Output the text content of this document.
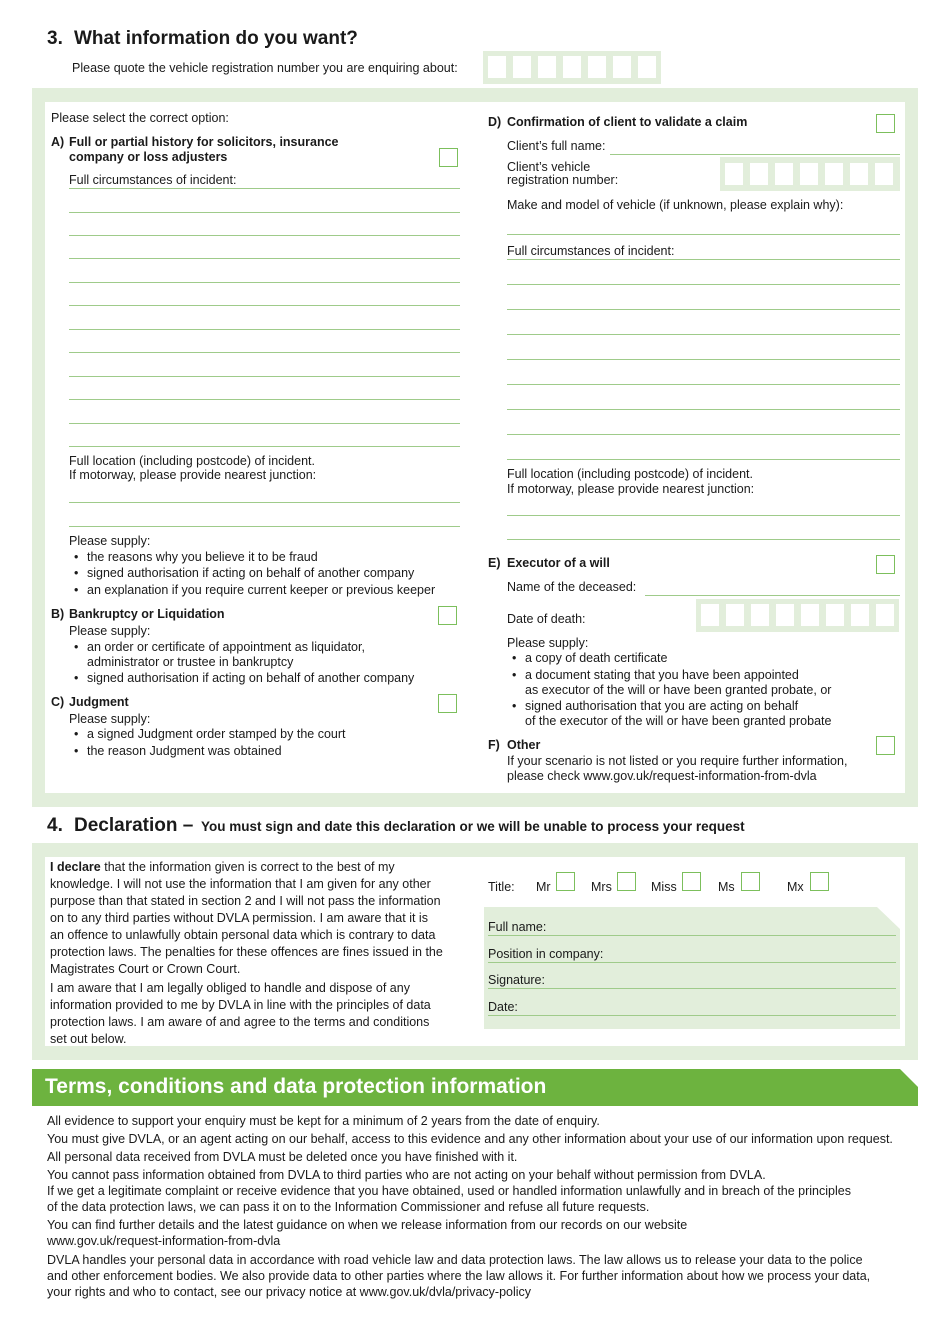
3. What information do you want?
Please quote the vehicle registration number you are enquiring about:
Please select the correct option:
A) Full or partial history for solicitors, insurance
company or loss adjusters
Full circumstances of incident:
Full location (including postcode) of incident.
If motorway, please provide nearest junction:
Please supply:
• the reasons why you believe it to be fraud
• signed authorisation if acting on behalf of another company
• an explanation if you require current keeper or previous keeper
B) Bankruptcy or Liquidation
Please supply:
• an order or certificate of appointment as liquidator,
administrator or trustee in bankruptcy
• signed authorisation if acting on behalf of another company
C) Judgment
Please supply:
• a signed Judgment order stamped by the court
• the reason Judgment was obtained
D) Confirmation of client to validate a claim
Client’s full name:
Client’s vehicle
registration number:
Make and model of vehicle (if unknown, please explain why):
Full circumstances of incident:
Full location (including postcode) of incident.
If motorway, please provide nearest junction:
E) Executor of a will
Name of the deceased:
Date of death:
Please supply:
• a copy of death certificate
• a document stating that you have been appointed
as executor of the will or have been granted probate, or
• signed authorisation that you are acting on behalf
of the executor of the will or have been granted probate
F) Other
If your scenario is not listed or you require further information,
please check www.gov.uk/request-information-from-dvla
4. Declaration – You must sign and date this declaration or we will be unable to process your request
I declare that the information given is correct to the best of my
knowledge. I will not use the information that I am given for any other
purpose than that stated in section 2 and I will not pass the information
on to any third parties without DVLA permission. I am aware that it is
an offence to unlawfully obtain personal data which is contrary to data
protection laws. The penalties for these offences are fines issued in the
Magistrates Court or Crown Court.
I am aware that I am legally obliged to handle and dispose of any
information provided to me by DVLA in line with the principles of data
protection laws. I am aware of and agree to the terms and conditions
set out below.
Title: Mr	Mrs	Miss	Ms	Mx
Full name:
Position in company:
Signature:
Date:
Terms, conditions and data protection information
All evidence to support your enquiry must be kept for a minimum of 2 years from the date of enquiry.
You must give DVLA, or an agent acting on our behalf, access to this evidence and any other information about your use of our information upon request.
All personal data received from DVLA must be deleted once you have finished with it.
You cannot pass information obtained from DVLA to third parties who are not acting on your behalf without permission from DVLA.
If we get a legitimate complaint or receive evidence that you have obtained, used or handled information unlawfully and in breach of the principles
of the data protection laws, we can pass it on to the Information Commissioner and refuse all future requests.
You can find further details and the latest guidance on when we release information from our records on our website
www.gov.uk/request-information-from-dvla
DVLA handles your personal data in accordance with road vehicle law and data protection laws. The law allows us to release your data to the police
and other enforcement bodies. We also provide data to other parties where the law allows it. For further information about how we process your data,
your rights and who to contact, see our privacy notice at www.gov.uk/dvla/privacy-policy
